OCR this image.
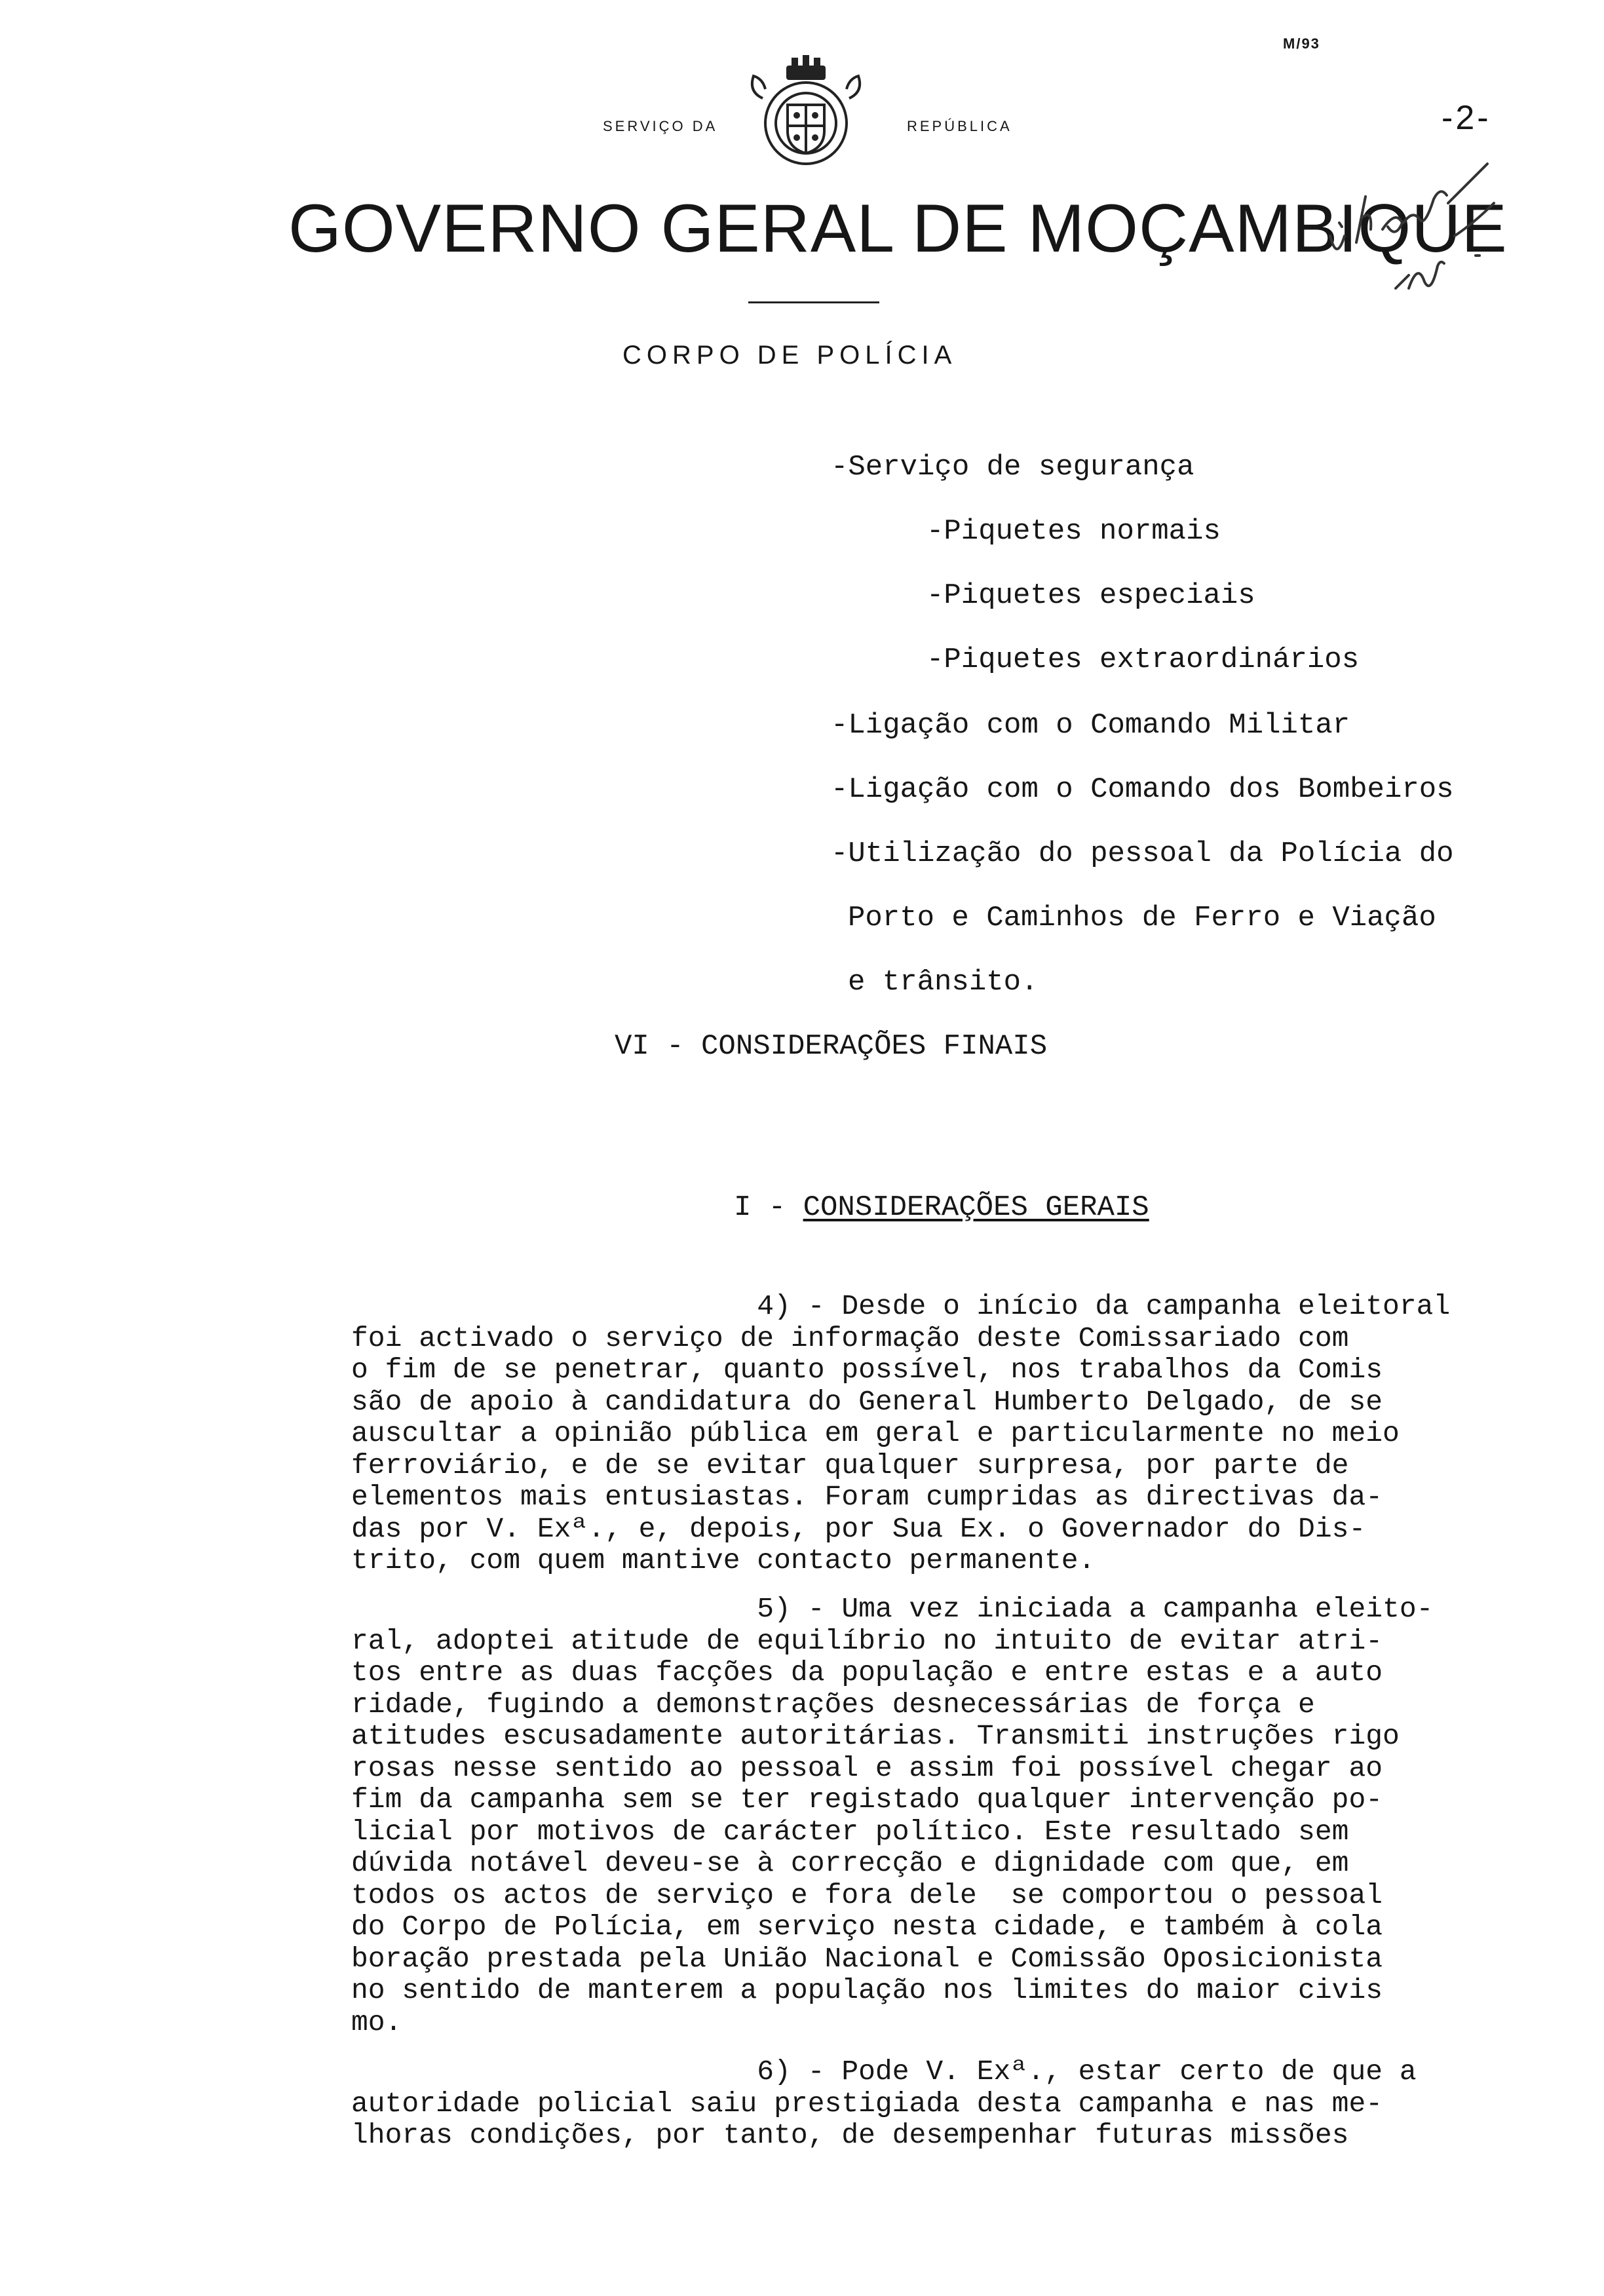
M/93
-2-
SERVIÇO DA	REPÚBLICA
GOVERNO GERAL DE MOÇAMBIQUE
CORPO DE POLÍCIA
-Serviço de segurança
-Piquetes normais
-Piquetes especiais
-Piquetes extraordinários
-Ligação com o Comando Militar
-Ligação com o Comando dos Bombeiros
-Utilização do pessoal da Polícia do
Porto e Caminhos de Ferro e Viação
e trânsito.
VI - CONSIDERAÇÕES FINAIS
I - CONSIDERAÇÕES GERAIS
4) - Desde o início da campanha eleitoral
foi activado o serviço de informação deste Comissariado com
o fim de se penetrar, quanto possível, nos trabalhos da Comis
são de apoio à candidatura do General Humberto Delgado, de se
auscultar a opinião pública em geral e particularmente no meio
ferroviário, e de se evitar qualquer surpresa, por parte de
elementos mais entusiastas. Foram cumpridas as directivas da-
das por V. Exª., e, depois, por Sua Ex. o Governador do Dis-
trito, com quem mantive contacto permanente.
5) - Uma vez iniciada a campanha eleito-
ral, adoptei atitude de equilíbrio no intuito de evitar atri-
tos entre as duas facções da população e entre estas e a auto
ridade, fugindo a demonstrações desnecessárias de força e
atitudes escusadamente autoritárias. Transmiti instruções rigo
rosas nesse sentido ao pessoal e assim foi possível chegar ao
fim da campanha sem se ter registado qualquer intervenção po-
licial por motivos de carácter político. Este resultado sem
dúvida notável deveu-se à correcção e dignidade com que, em
todos os actos de serviço e fora dele  se comportou o pessoal
do Corpo de Polícia, em serviço nesta cidade, e também à cola
boração prestada pela União Nacional e Comissão Oposicionista
no sentido de manterem a população nos limites do maior civis
mo.
6) - Pode V. Exª., estar certo de que a
autoridade policial saiu prestigiada desta campanha e nas me-
lhoras condições, por tanto, de desempenhar futuras missões
